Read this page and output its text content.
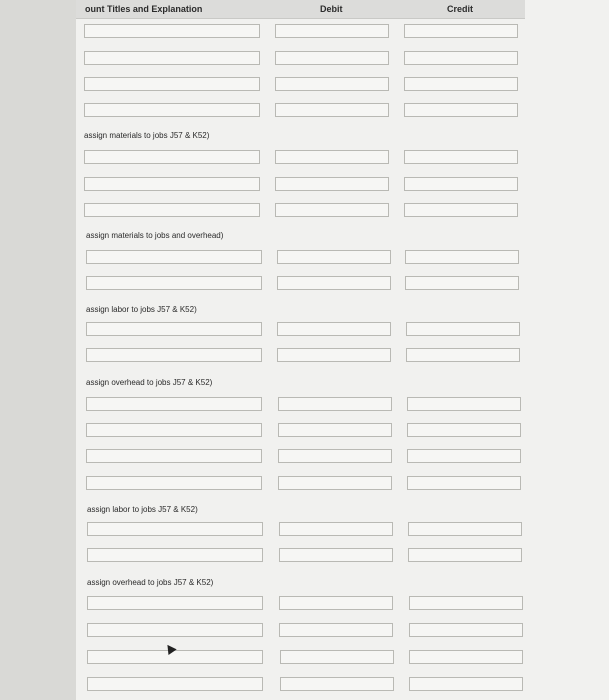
ount Titles and Explanation	Debit	Credit
assign materials to jobs J57 & K52)
assign materials to jobs and overhead)
assign labor to jobs J57 & K52)
assign overhead to jobs J57 & K52)
assign labor to jobs J57 & K52)
assign overhead to jobs J57 & K52)
